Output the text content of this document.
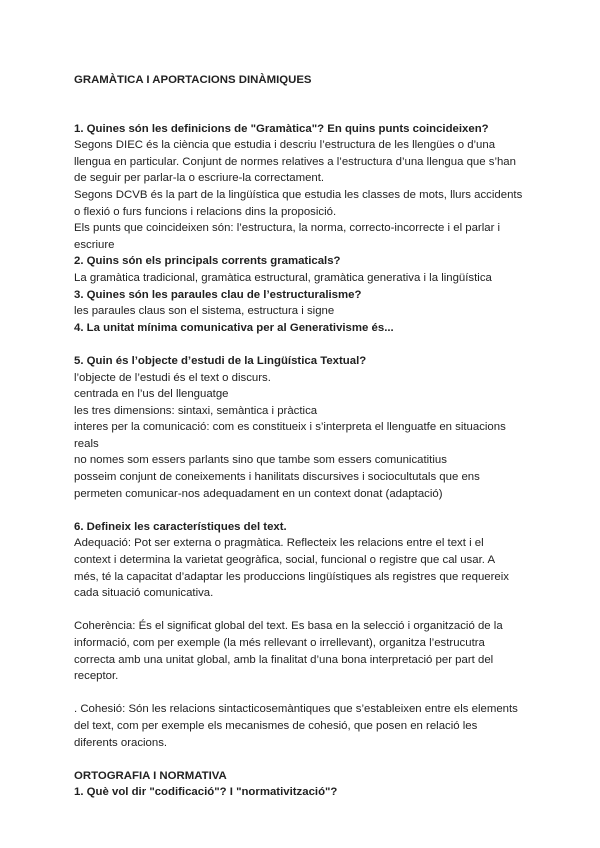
GRAMÀTICA I APORTACIONS DINÀMIQUES

1. Quines són les definicions de "Gramàtica"? En quins punts coincideixen?

Segons DIEC és la ciència que estudia i descriu l’estructura de les llengües o d’una

llengua en particular. Conjunt de normes relatives a l’estructura d’una llengua que s’han

de seguir per parlar-la o escriure-la correctament.

Segons DCVB és la part de la lingüística que estudia les classes de mots, llurs accidents

o flexió o furs funcions i relacions dins la proposició.

Els punts que coincideixen són: l’estructura, la norma, correcto-incorrecte i el parlar i

escriure

2. Quins són els principals corrents gramaticals?

La gramàtica tradicional, gramàtica estructural, gramàtica generativa i la lingüística

3. Quines són les paraules clau de l’estructuralisme?

les paraules claus son el sistema, estructura i signe

4. La unitat mínima comunicativa per al Generativisme és...

5. Quin és l’objecte d’estudi de la Lingüística Textual?

l’objecte de l’estudi és el text o discurs.

centrada en l’us del llenguatge

les tres dimensions: sintaxi, semàntica i pràctica

interes per la comunicació: com es constitueix i s’interpreta el llenguatfe en situacions

reals

no nomes som essers parlants sino que tambe som essers comunicatitius

posseim conjunt de coneixements i hanilitats discursives i sociocultutals que ens

permeten comunicar-nos adequadament en un context donat (adaptació)

6. Defineix les característiques del text.

Adequació: Pot ser externa o pragmàtica. Reflecteix les relacions entre el text i el

context i determina la varietat geogràfica, social, funcional o registre que cal usar. A

més, té la capacitat d’adaptar les produccions lingüístiques als registres que requereix

cada situació comunicativa.

Coherència: És el significat global del text. Es basa en la selecció i organització de la

informació, com per exemple (la més rellevant o irrellevant), organitza l’estrucutra

correcta amb una unitat global, amb la finalitat d’una bona interpretació per part del

receptor.

. Cohesió: Són les relacions sintacticosemàntiques que s’estableixen entre els elements

del text, com per exemple els mecanismes de cohesió, que posen en relació les

diferents oracions.

ORTOGRAFIA I NORMATIVA

1. Què vol dir "codificació"? I "normativització"?
